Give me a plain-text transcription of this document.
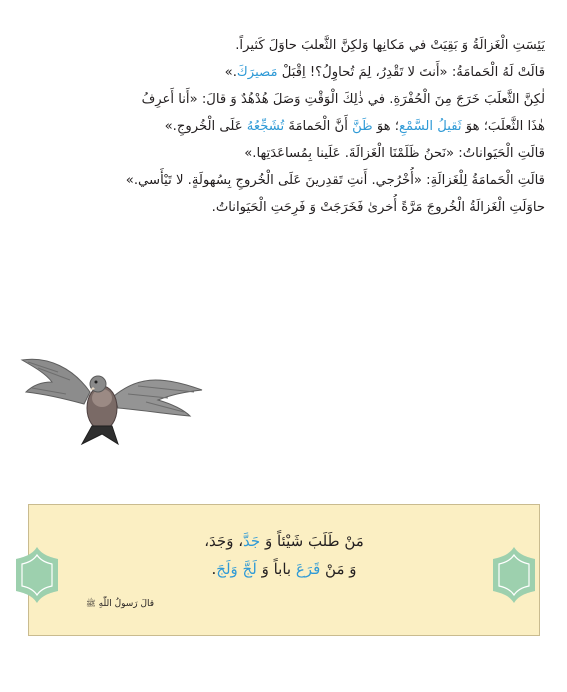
يَئِسَتِ الْغَزالَةُ وَ بَقِيَتْ في مَكانِها وَلكِنَّ الثَّعلبَ حاوَلَ كَثيراً.
قالَتْ لَهُ الْحَمامَةُ: «أَنتَ لا تَقْدِرُ، لِمَ تُحاوِلُ؟! اِقْبَلْ مَصيرَكَ.»
لٰكِنَّ الثَّعلَبَ خَرَجَ مِنَ الْحُفْرَةِ. في ذٰلِكَ الْوَقْتِ وَصَلَ هُدْهُدٌ وَ قالَ: «أَنا أَعرِفُ
هٰذَا الثَّعلَبَ؛ هوَ ثَقيلُ السَّمْعِ؛ هوَ ظَنَّ أَنَّ الْحَمامَةَ تُشَجِّعُهُ عَلَى الْخُروجِ.»
قالَتِ الْحَيَواناتُ: «نَحنُ ظَلَمْنَا الْغَزالَةَ. عَلَينا بِمُساعَدَتِها.»
قالَتِ الْحَمامَةُ لِلْغَزالَةِ: «أُخْرُجي. أَنتِ تَقدِرينَ عَلَى الْخُروجِ بِسُهولَةٍ. لا تَيْأَسي.»
حاوَلَتِ الْغَزالَةُ الْخُروجَ مَرَّةً أُخرىٰ فَخَرَجَتْ وَ فَرِحَتِ الْحَيَواناتُ.
مَنْ طَلَبَ شَيْئاً وَ جَدَّ، وَجَدَ،
وَ مَنْ قَرَعَ باباً وَ لَجَّ وَلَجَ.
قالَ رَسولُ اللّٰهِﷺ
